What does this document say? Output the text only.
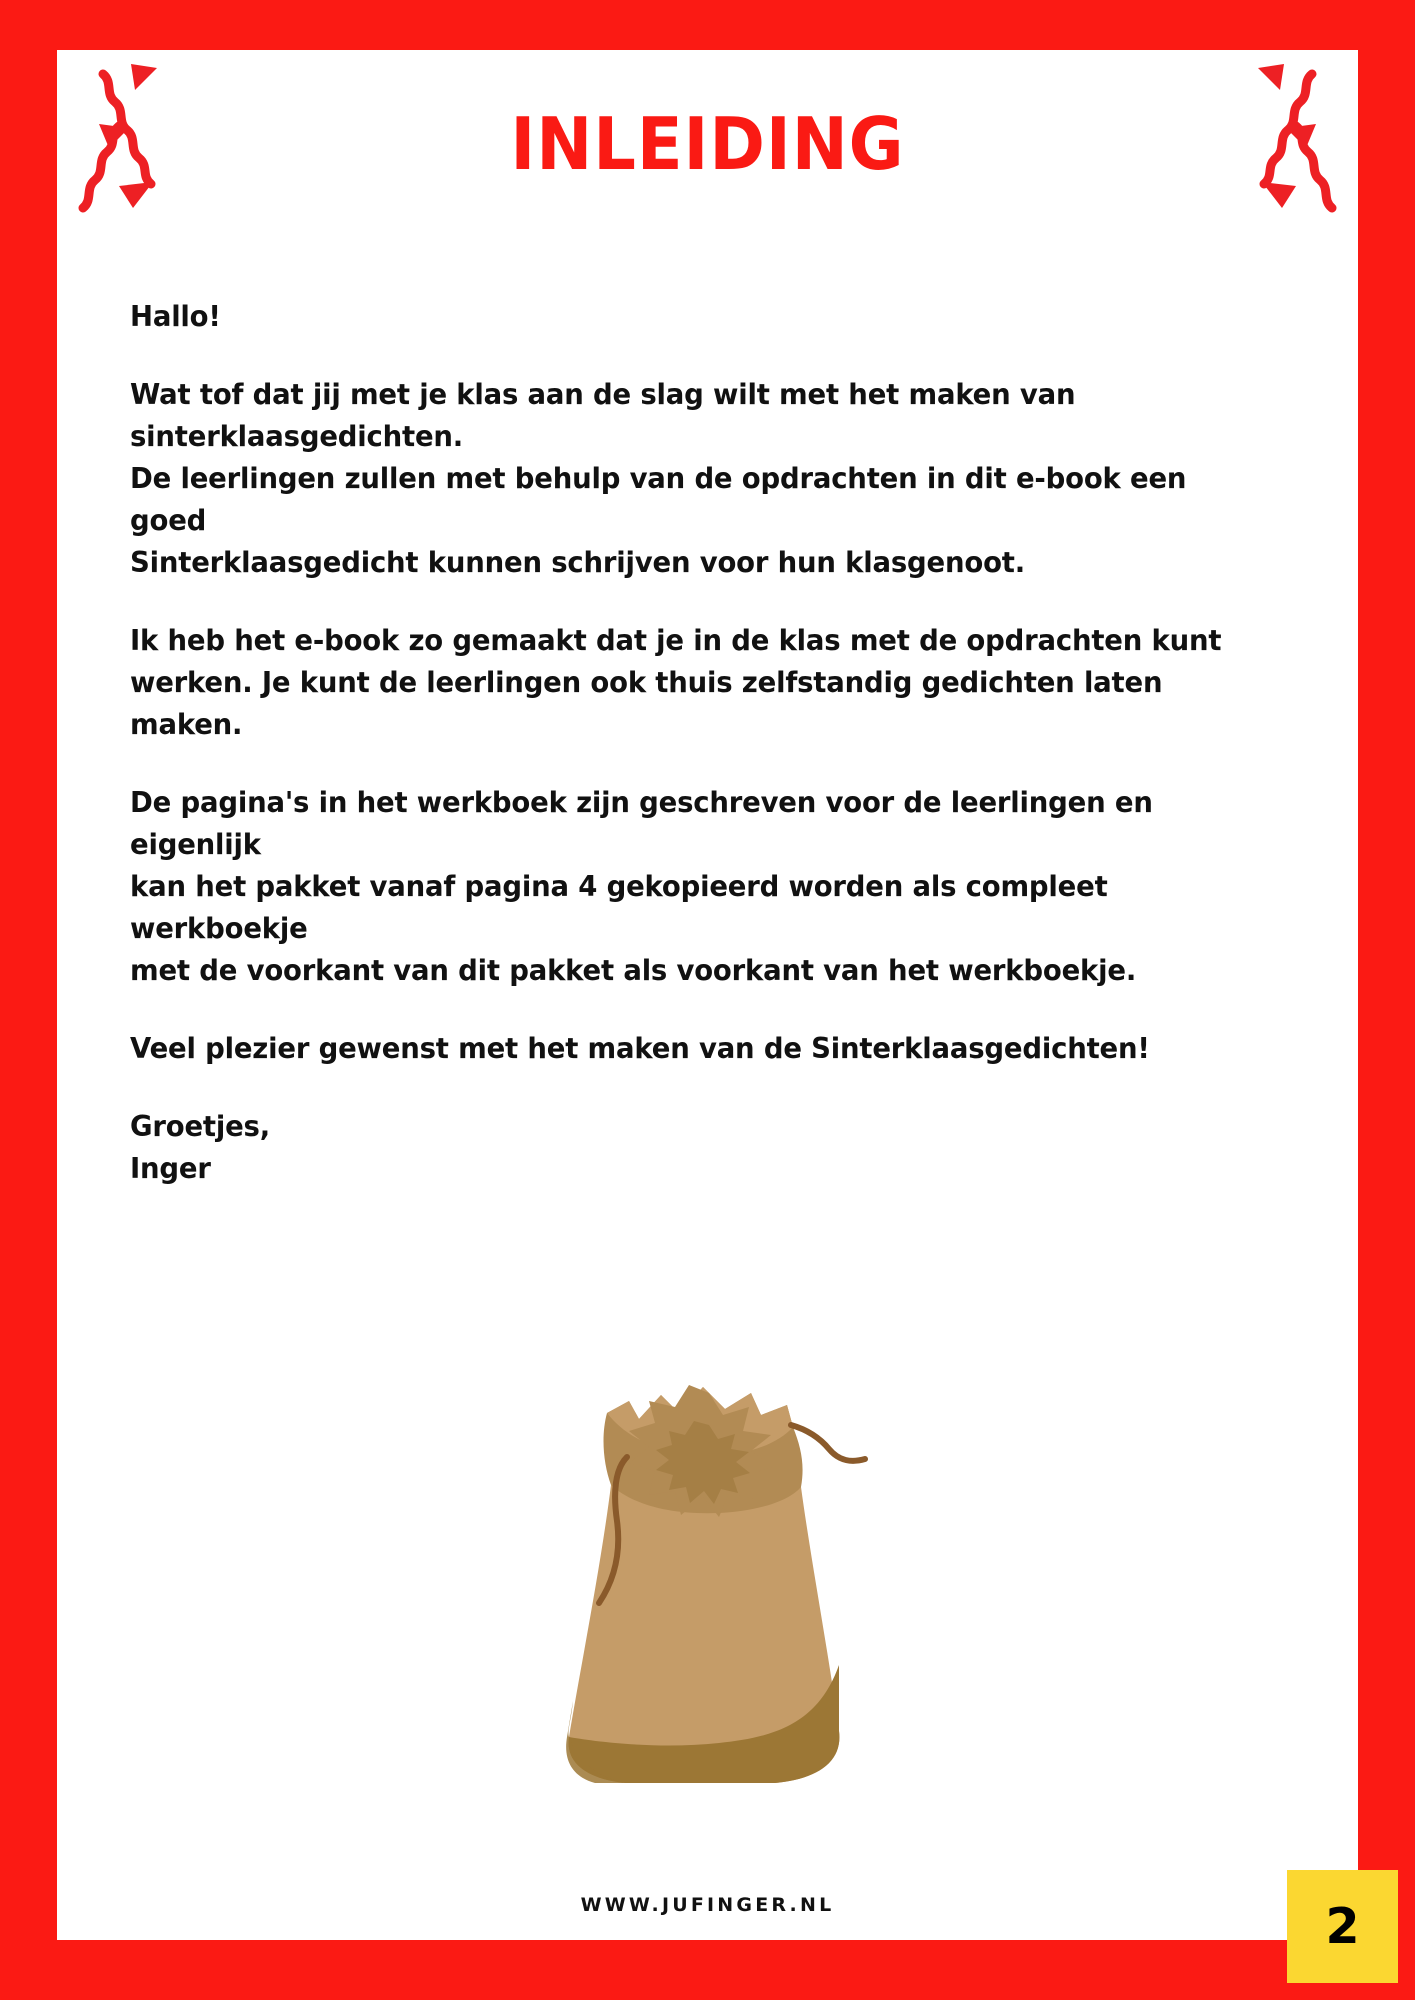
INLEIDING

Hallo!

Wat tof dat jij met je klas aan de slag wilt met het maken van
sinterklaasgedichten.
De leerlingen zullen met behulp van de opdrachten in dit e-book een goed
Sinterklaasgedicht kunnen schrijven voor hun klasgenoot.

Ik heb het e-book zo gemaakt dat je in de klas met de opdrachten kunt
werken. Je kunt de leerlingen ook thuis zelfstandig gedichten laten maken.

De pagina's in het werkboek zijn geschreven voor de leerlingen en eigenlijk
kan het pakket vanaf pagina 4 gekopieerd worden als compleet werkboekje
met de voorkant van dit pakket als voorkant van het werkboekje.

Veel plezier gewenst met het maken van de Sinterklaasgedichten!

Groetjes,
Inger

WWW.JUFINGER.NL	2
